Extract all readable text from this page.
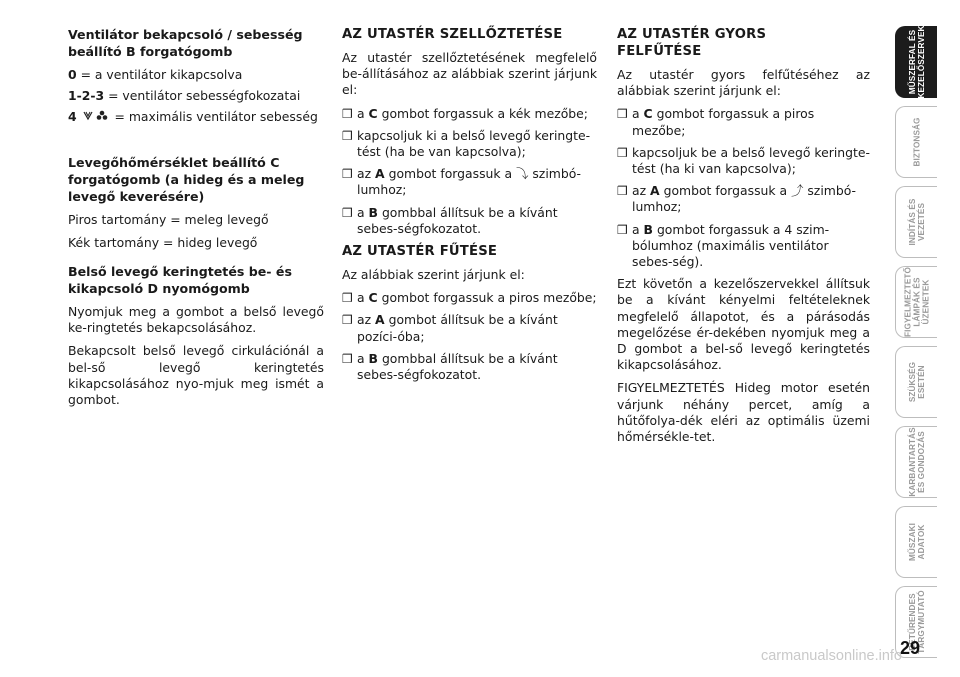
Ventilátor bekapcsoló / sebesség beállító B forgatógomb

0 = a ventilátor kikapcsolva
1-2-3 = ventilátor sebességfokozatai
4	= maximális ventilátor sebesség

Levegőhőmérséklet beállító C forgatógomb (a hideg és a meleg levegő keverésére)

Piros tartomány = meleg levegő

Kék tartomány = hideg levegő

Belső levegő keringtetés be- és kikapcsoló D nyomógomb

Nyomjuk meg a gombot a belső levegő ke-ringtetés bekapcsolásához.

Bekapcsolt belső levegő cirkulációnál a bel-ső levegő keringtetés kikapcsolásához nyo-mjuk meg ismét a gombot.

AZ UTASTÉR SZELLŐZTETÉSE

Az utastér szellőztetésének megfelelő be-állításához az alábbiak szerint járjunk el:

❒ a C gombot forgassuk a kék mezőbe;
❒ kapcsoljuk ki a belső levegő keringte-tést (ha be van kapcsolva);
❒ az A gombot forgassuk a ⤵ szimbó-lumhoz;
❒ a B gombbal állítsuk be a kívánt sebes-ségfokozatot.

AZ UTASTÉR FŰTÉSE

Az alábbiak szerint járjunk el:

❒ a C gombot forgassuk a piros mezőbe;
❒ az A gombot állítsuk be a kívánt pozíci-óba;
❒ a B gombbal állítsuk be a kívánt sebes-ségfokozatot.

AZ UTASTÉR GYORS FELFŰTÉSE

Az utastér gyors felfűtéséhez az alábbiak szerint járjunk el:

❒ a C gombot forgassuk a piros mezőbe;
❒ kapcsoljuk be a belső levegő keringte-tést (ha ki van kapcsolva);
❒ az A gombot forgassuk a ⤴ szimbó-lumhoz;
❒ a B gombot forgassuk a 4 szim-bólumhoz (maximális ventilátor sebes-ség).

Ezt követőn a kezelőszervekkel állítsuk be a kívánt kényelmi feltételeknek megfelelő állapotot, és a párásodás megelőzése ér-dekében nyomjuk meg a D gombot a bel-ső levegő keringtetés kikapcsolásához.

FIGYELMEZTETÉS Hideg motor esetén várjunk néhány percet, amíg a hűtőfolya-dék eléri az optimális üzemi hőmérsékle-tet.

MŰSZERFAL ÉS
KEZELŐSZERVEK
BIZTONSÁG
INDÍTÁS ÉS
VEZETÉS
FIGYELMEZTETŐ
LÁMPÁK ÉS
ÜZENETEK
SZÜKSÉG
ESETÉN
KARBANTARTÁS
ÉS GONDOZÁS
MŰSZAKI
ADATOK
BETŰRENDES
TÁRGYMUTATÓ
29
carmanualsonline.info
